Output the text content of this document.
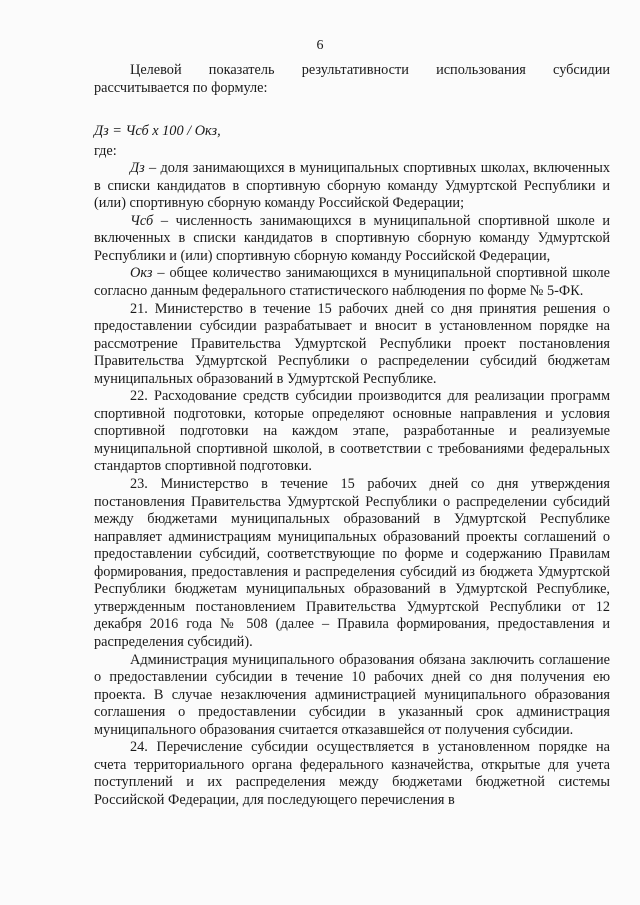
6

Целевой показатель результативности использования субсидии рассчитывается по формуле:

Дз = Чсб x 100 / Окз,

где:

Дз – доля занимающихся в муниципальных спортивных школах, включенных в списки кандидатов в спортивную сборную команду Удмуртской Республики и (или) спортивную сборную команду Российской Федерации;

Чсб – численность занимающихся в муниципальной спортивной школе и включенных в списки кандидатов в спортивную сборную команду Удмуртской Республики и (или) спортивную сборную команду Российской Федерации,

Окз – общее количество занимающихся в муниципальной спортивной школе согласно данным федерального статистического наблюдения по форме № 5-ФК.

21. Министерство в течение 15 рабочих дней со дня принятия решения о предоставлении субсидии разрабатывает и вносит в установленном порядке на рассмотрение Правительства Удмуртской Республики проект постановления Правительства Удмуртской Республики о распределении субсидий бюджетам муниципальных образований в Удмуртской Республике.

22. Расходование средств субсидии производится для реализации программ спортивной подготовки, которые определяют основные направления и условия спортивной подготовки на каждом этапе, разработанные и реализуемые муниципальной спортивной школой, в соответствии с требованиями федеральных стандартов спортивной подготовки.

23. Министерство в течение 15 рабочих дней со дня утверждения постановления Правительства Удмуртской Республики о распределении субсидий между бюджетами муниципальных образований в Удмуртской Республике направляет администрациям муниципальных образований проекты соглашений о предоставлении субсидий, соответствующие по форме и содержанию Правилам формирования, предоставления и распределения субсидий из бюджета Удмуртской Республики бюджетам муниципальных образований в Удмуртской Республике, утвержденным постановлением Правительства Удмуртской Республики от 12 декабря 2016 года № 508 (далее – Правила формирования, предоставления и распределения субсидий).

Администрация муниципального образования обязана заключить соглашение о предоставлении субсидии в течение 10 рабочих дней со дня получения ею проекта. В случае незаключения администрацией муниципального образования соглашения о предоставлении субсидии в указанный срок администрация муниципального образования считается отказавшейся от получения субсидии.

24. Перечисление субсидии осуществляется в установленном порядке на счета территориального органа федерального казначейства, открытые для учета поступлений и их распределения между бюджетами бюджетной системы Российской Федерации, для последующего перечисления в
